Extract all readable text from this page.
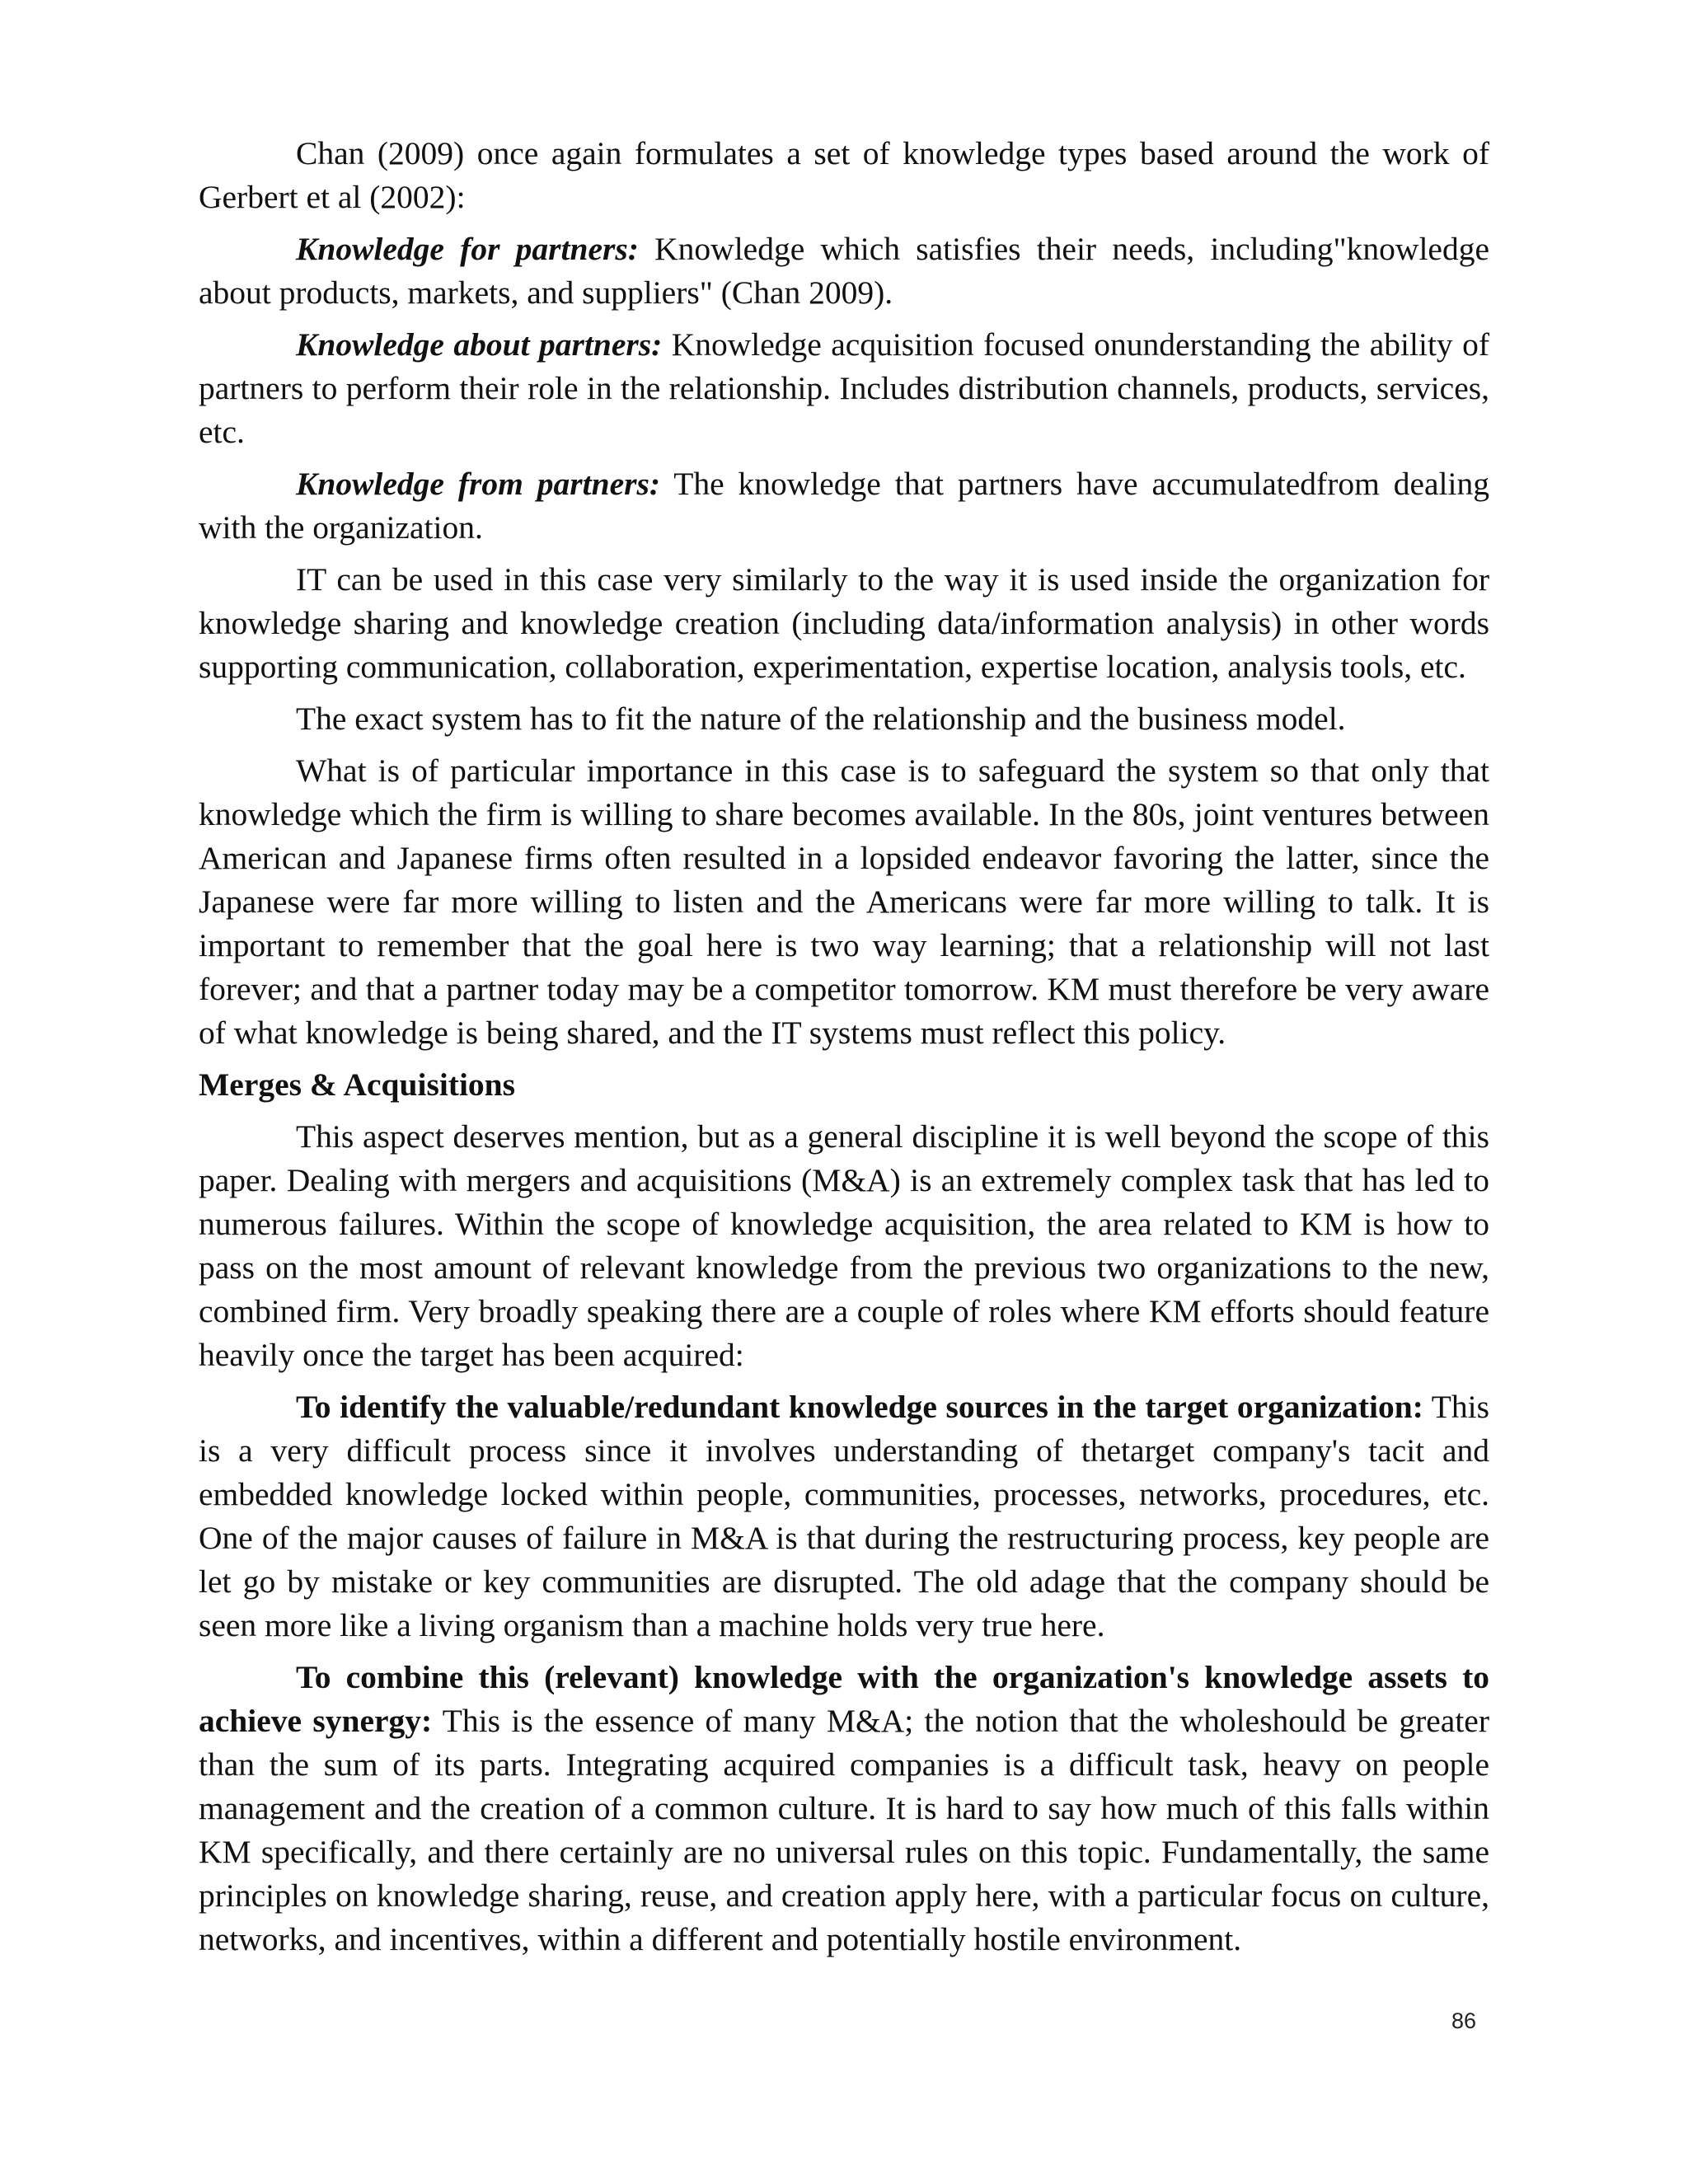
Chan (2009) once again formulates a set of knowledge types based around the work of Gerbert et al (2002):

Knowledge for partners: Knowledge which satisfies their needs, including"knowledge about products, markets, and suppliers" (Chan 2009).

Knowledge about partners: Knowledge acquisition focused onunderstanding the ability of partners to perform their role in the relationship. Includes distribution channels, products, services, etc.

Knowledge from partners: The knowledge that partners have accumulatedfrom dealing with the organization.

IT can be used in this case very similarly to the way it is used inside the organization for knowledge sharing and knowledge creation (including data/information analysis) in other words supporting communication, collaboration, experimentation, expertise location, analysis tools, etc.

The exact system has to fit the nature of the relationship and the business model.

What is of particular importance in this case is to safeguard the system so that only that knowledge which the firm is willing to share becomes available. In the 80s, joint ventures between American and Japanese firms often resulted in a lopsided endeavor favoring the latter, since the Japanese were far more willing to listen and the Americans were far more willing to talk. It is important to remember that the goal here is two way learning; that a relationship will not last forever; and that a partner today may be a competitor tomorrow. KM must therefore be very aware of what knowledge is being shared, and the IT systems must reflect this policy.

Merges & Acquisitions

This aspect deserves mention, but as a general discipline it is well beyond the scope of this paper. Dealing with mergers and acquisitions (M&A) is an extremely complex task that has led to numerous failures. Within the scope of knowledge acquisition, the area related to KM is how to pass on the most amount of relevant knowledge from the previous two organizations to the new, combined firm. Very broadly speaking there are a couple of roles where KM efforts should feature heavily once the target has been acquired:

To identify the valuable/redundant knowledge sources in the target organization: This is a very difficult process since it involves understanding of thetarget company's tacit and embedded knowledge locked within people, communities, processes, networks, procedures, etc. One of the major causes of failure in M&A is that during the restructuring process, key people are let go by mistake or key communities are disrupted. The old adage that the company should be seen more like a living organism than a machine holds very true here.

To combine this (relevant) knowledge with the organization's knowledge assets to achieve synergy: This is the essence of many M&A; the notion that the wholeshould be greater than the sum of its parts. Integrating acquired companies is a difficult task, heavy on people management and the creation of a common culture. It is hard to say how much of this falls within KM specifically, and there certainly are no universal rules on this topic. Fundamentally, the same principles on knowledge sharing, reuse, and creation apply here, with a particular focus on culture, networks, and incentives, within a different and potentially hostile environment.

86
